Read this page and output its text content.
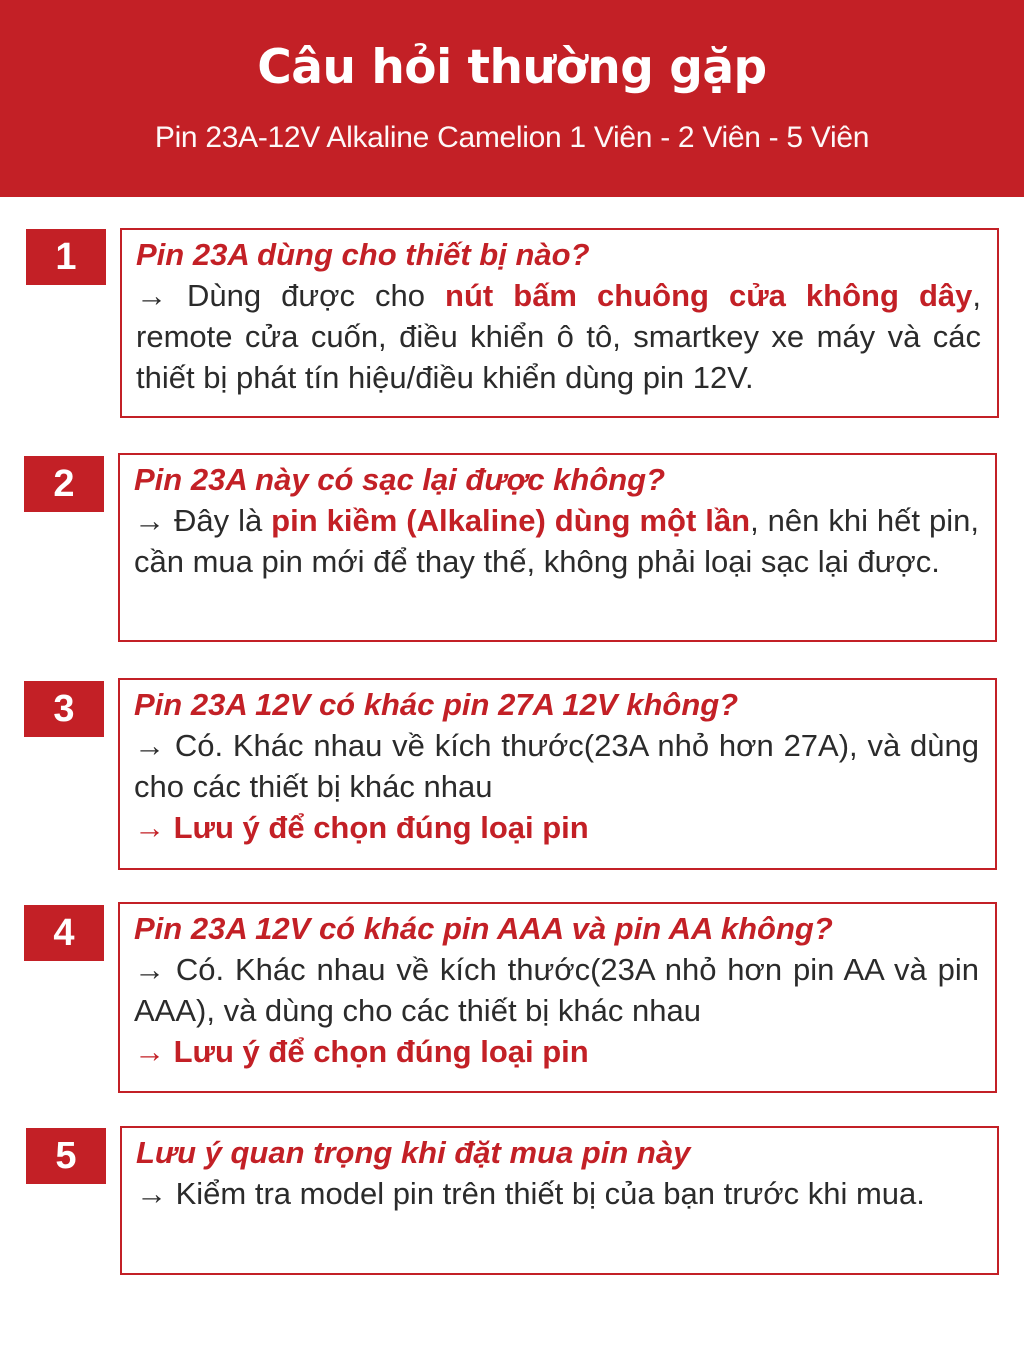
Câu hỏi thường gặp
Pin 23A-12V Alkaline Camelion 1 Viên - 2 Viên - 5 Viên
1	Pin 23A dùng cho thiết bị nào?
→ Dùng được cho nút bấm chuông cửa không dây, remote cửa cuốn, điều khiển ô tô, smartkey xe máy và các thiết bị phát tín hiệu/điều khiển dùng pin 12V.
2	Pin 23A này có sạc lại được không?
→ Đây là pin kiềm (Alkaline) dùng một lần, nên khi hết pin, cần mua pin mới để thay thế, không phải loại sạc lại được.
3	Pin 23A 12V có khác pin 27A 12V không?
→ Có. Khác nhau về kích thước(23A nhỏ hơn 27A), và dùng cho các thiết bị khác nhau
→ Lưu ý để chọn đúng loại pin
4	Pin 23A 12V có khác pin AAA và pin AA không?
→ Có. Khác nhau về kích thước(23A nhỏ hơn pin AA và pin AAA), và dùng cho các thiết bị khác nhau
→ Lưu ý để chọn đúng loại pin
5	Lưu ý quan trọng khi đặt mua pin này
→ Kiểm tra model pin trên thiết bị của bạn trước khi mua.
